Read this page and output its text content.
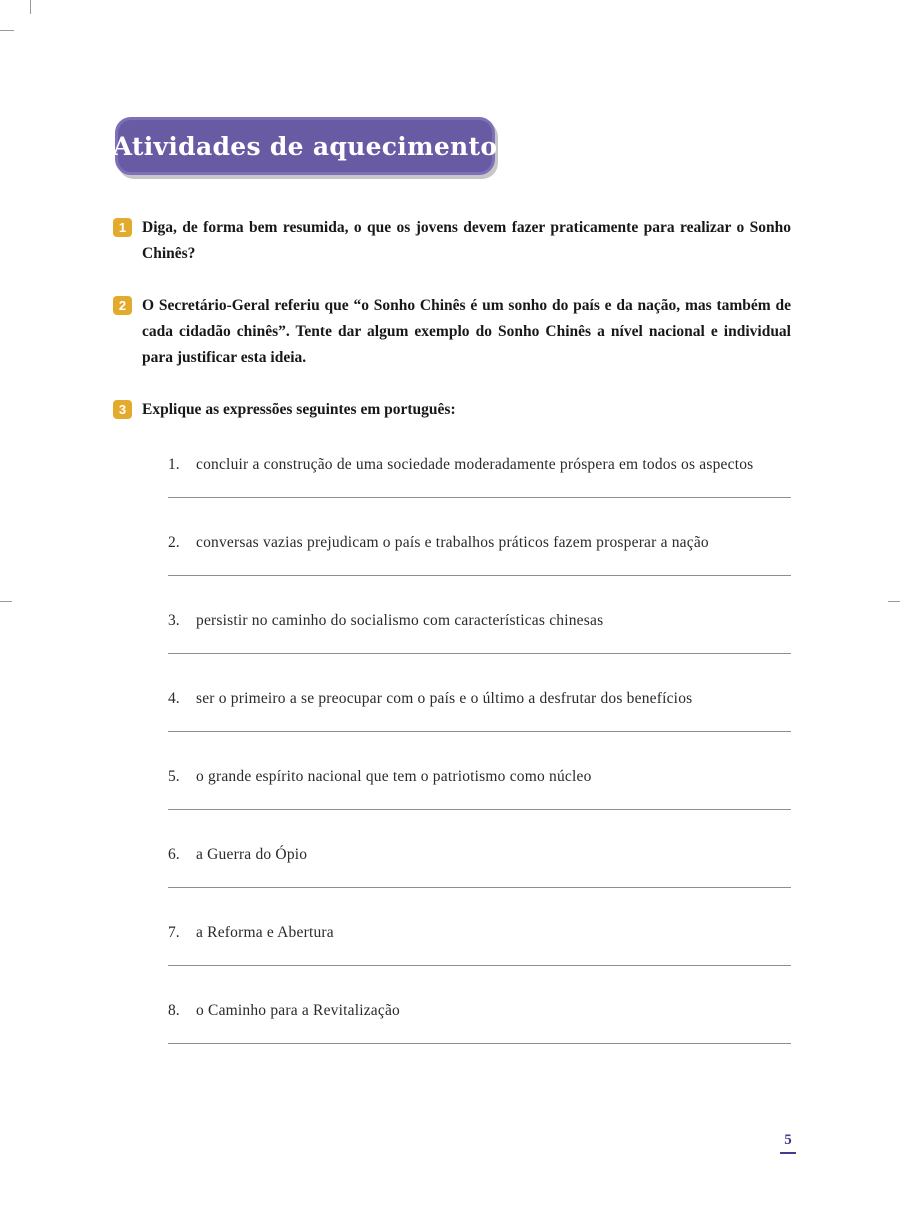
Atividades de aquecimento
1	Diga, de forma bem resumida, o que os jovens devem fazer praticamente para realizar o Sonho Chinês?
2	O Secretário-Geral referiu que “o Sonho Chinês é um sonho do país e da nação, mas também de cada cidadão chinês”. Tente dar algum exemplo do Sonho Chinês a nível nacional e individual para justificar esta ideia.
3	Explique as expressões seguintes em português:
1.	concluir a construção de uma sociedade moderadamente próspera em todos os aspectos
2.	conversas vazias prejudicam o país e trabalhos práticos fazem prosperar a nação
3.	persistir no caminho do socialismo com características chinesas
4.	ser o primeiro a se preocupar com o país e o último a desfrutar dos benefícios
5.	o grande espírito nacional que tem o patriotismo como núcleo
6.	a Guerra do Ópio
7.	a Reforma e Abertura
8.	o Caminho para a Revitalização
5
